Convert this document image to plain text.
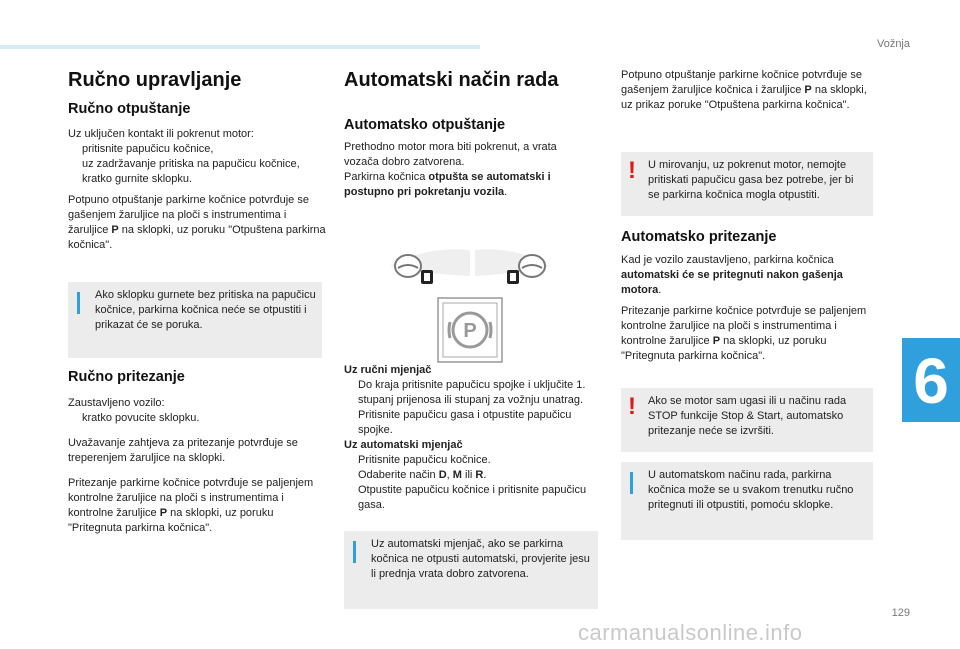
Vožnja
6
129
carmanualsonline.info
Ručno upravljanje
Ručno otpuštanje

Uz uključen kontakt ili pokrenut motor:

pritisnite papučicu kočnice,
uz zadržavanje pritiska na papučicu kočnice, kratko gurnite sklopku.

Potpuno otpuštanje parkirne kočnice potvrđuje se gašenjem žaruljice na ploči s instrumentima i žaruljice P na sklopki, uz poruku "Otpuštena parkirna kočnica".

Ako sklopku gurnete bez pritiska na papučicu kočnice, parkirna kočnica neće se otpustiti i prikazat će se poruka.
Ručno pritezanje

Zaustavljeno vozilo:

kratko povucite sklopku.

Uvažavanje zahtjeva za pritezanje potvrđuje se treperenjem žaruljice na sklopki.

Pritezanje parkirne kočnice potvrđuje se paljenjem kontrolne žaruljice na ploči s instrumentima i kontrolne žaruljice P na sklopki, uz poruku "Pritegnuta parkirna kočnica".

Automatski način rada
Automatsko otpuštanje

Prethodno motor mora biti pokrenut, a vrata vozača dobro zatvorena.

Parkirna kočnica otpušta se automatski i postupno pri pokretanju vozila.

P

Uz ručni mjenjač

Do kraja pritisnite papučicu spojke i uključite 1. stupanj prijenosa ili stupanj za vožnju unatrag.
Pritisnite papučicu gasa i otpustite papučicu spojke.

Uz automatski mjenjač

Pritisnite papučicu kočnice.
Odaberite način D, M ili R.
Otpustite papučicu kočnice i pritisnite papučicu gasa.
Uz automatski mjenjač, ako se parkirna kočnica ne otpusti automatski, provjerite jesu li prednja vrata dobro zatvorena.

Potpuno otpuštanje parkirne kočnice potvrđuje se gašenjem žaruljice kočnica i žaruljice P na sklopki, uz prikaz poruke "Otpuštena parkirna kočnica".

! U mirovanju, uz pokrenut motor, nemojte pritiskati papučicu gasa bez potrebe, jer bi se parkirna kočnica mogla otpustiti.
Automatsko pritezanje

Kad je vozilo zaustavljeno, parkirna kočnica automatski će se pritegnuti nakon gašenja motora.

Pritezanje parkirne kočnice potvrđuje se paljenjem kontrolne žaruljice na ploči s instrumentima i kontrolne žaruljice P na sklopki, uz poruku "Pritegnuta parkirna kočnica".

! Ako se motor sam ugasi ili u načinu rada STOP funkcije Stop & Start, automatsko pritezanje neće se izvršiti.
U automatskom načinu rada, parkirna kočnica može se u svakom trenutku ručno pritegnuti ili otpustiti, pomoću sklopke.
